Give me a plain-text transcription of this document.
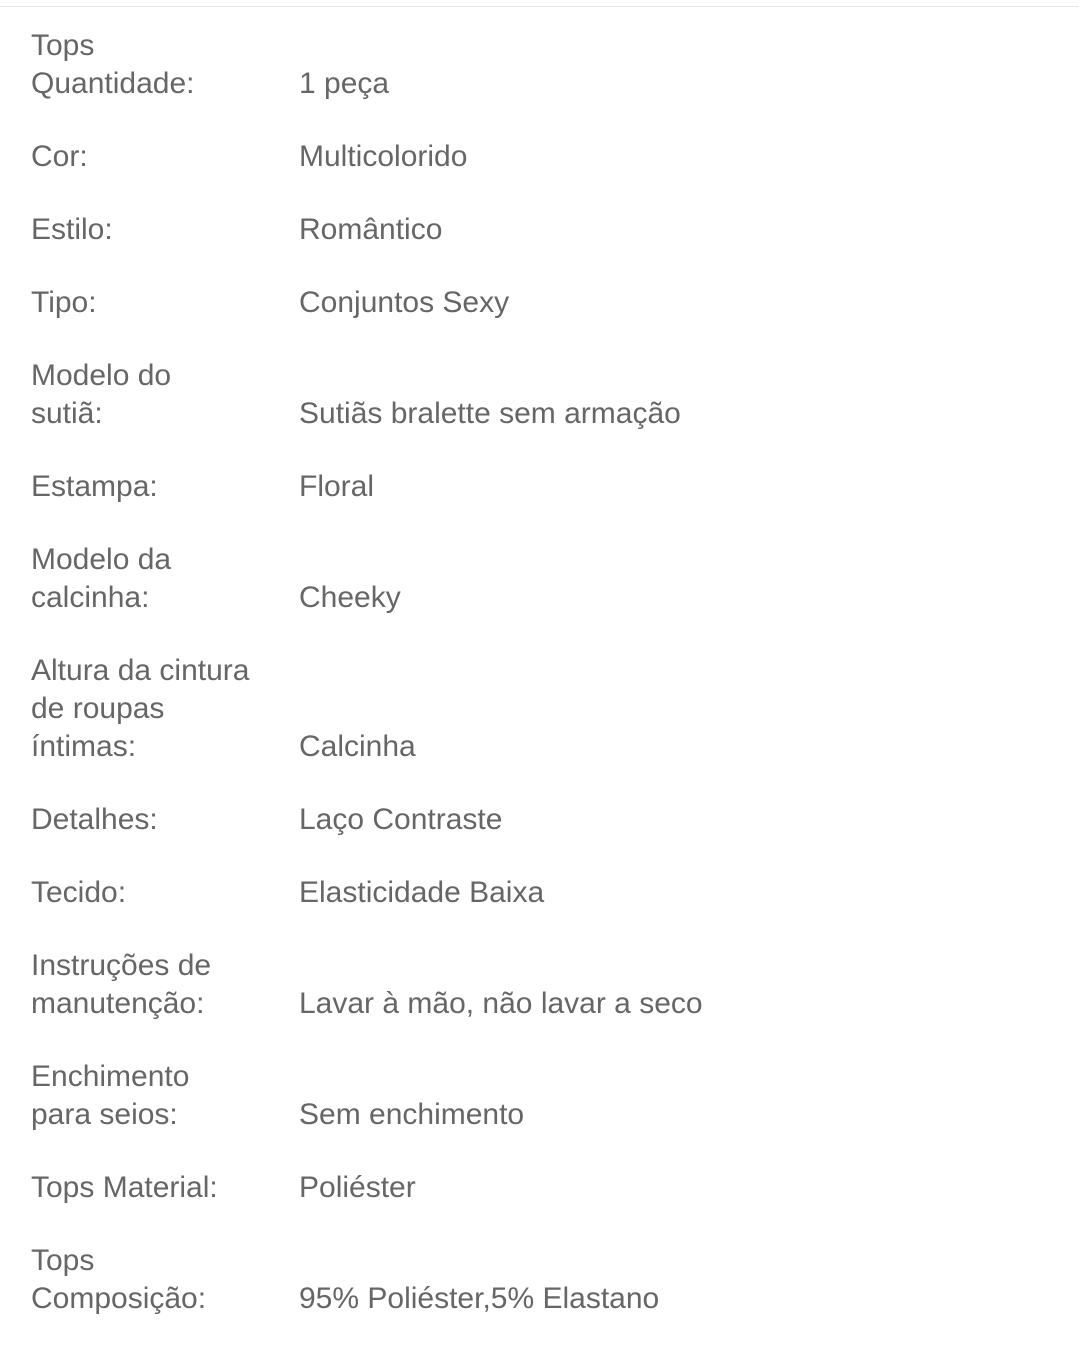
Tops
Quantidade:	1 peça
Cor:	Multicolorido
Estilo:	Romântico
Tipo:	Conjuntos Sexy
Modelo do
sutiã:	Sutiãs bralette sem armação
Estampa:	Floral
Modelo da
calcinha:	Cheeky
Altura da cintura
de roupas
íntimas:	Calcinha
Detalhes:	Laço Contraste
Tecido:	Elasticidade Baixa
Instruções de
manutenção:	Lavar à mão, não lavar a seco
Enchimento
para seios:	Sem enchimento
Tops Material:	Poliéster
Tops
Composição:	95% Poliéster,5% Elastano
